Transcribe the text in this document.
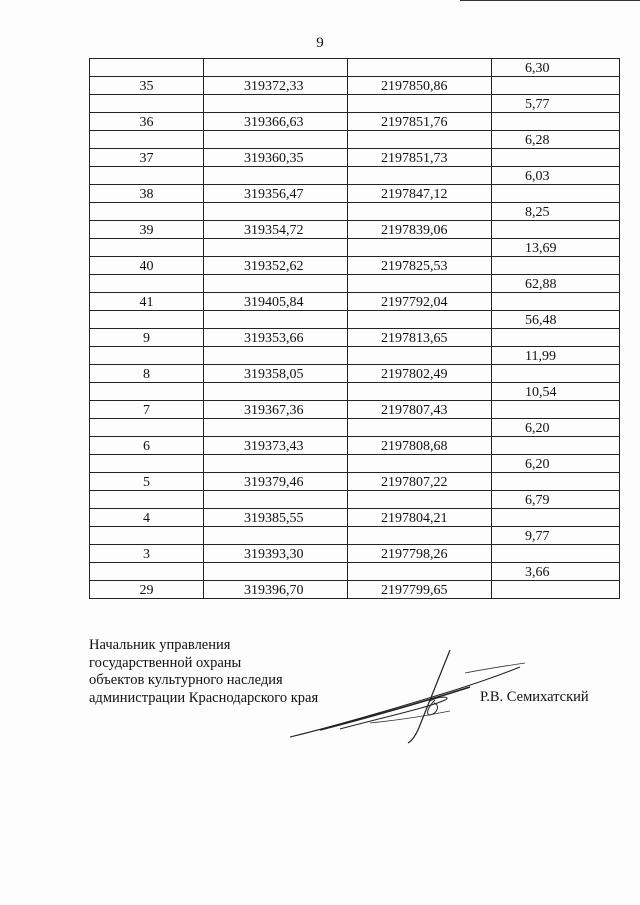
9
			6,30
35	319372,33	2197850,86	
			5,77
36	319366,63	2197851,76	
			6,28
37	319360,35	2197851,73	
			6,03
38	319356,47	2197847,12	
			8,25
39	319354,72	2197839,06	
			13,69
40	319352,62	2197825,53	
			62,88
41	319405,84	2197792,04	
			56,48
9	319353,66	2197813,65	
			11,99
8	319358,05	2197802,49	
			10,54
7	319367,36	2197807,43	
			6,20
6	319373,43	2197808,68	
			6,20
5	319379,46	2197807,22	
			6,79
4	319385,55	2197804,21	
			9,77
3	319393,30	2197798,26	
			3,66
29	319396,70	2197799,65	
Начальник управления
государственной охраны
объектов культурного наследия
администрации Краснодарского края	Р.В. Семихатский
